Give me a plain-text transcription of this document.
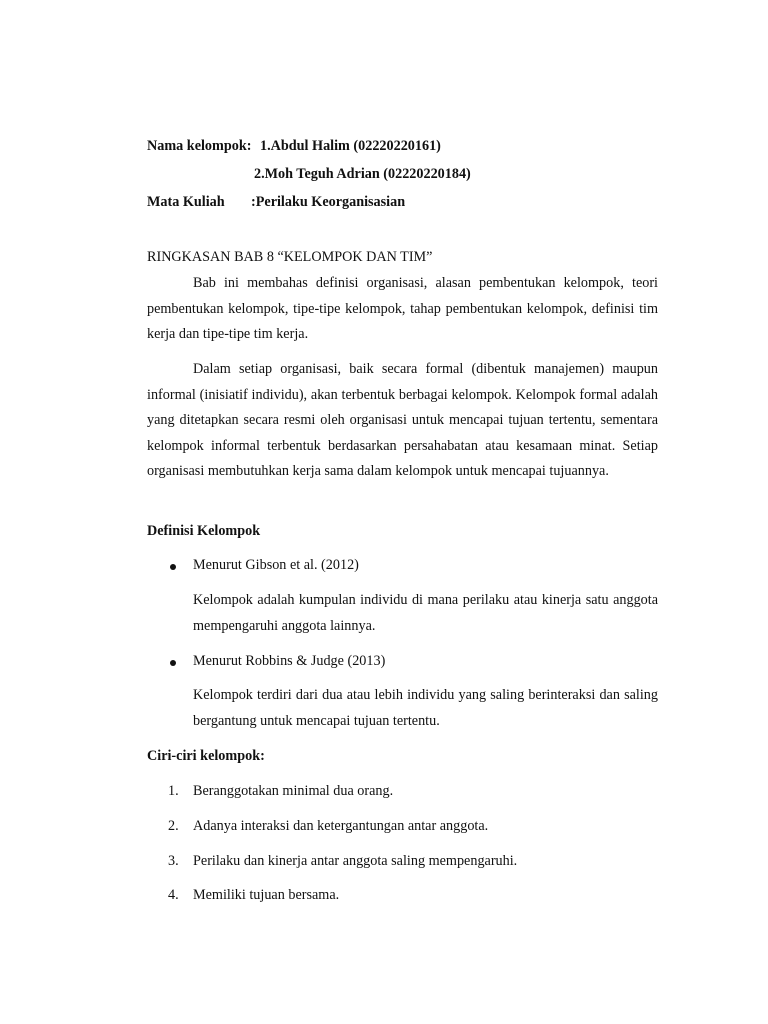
Nama kelompok: 1.Abdul Halim (02220220161)
2.Moh Teguh Adrian (02220220184)
Mata Kuliah :Perilaku Keorganisasian
RINGKASAN BAB 8 “KELOMPOK DAN TIM”
Bab ini membahas definisi organisasi, alasan pembentukan kelompok, teori pembentukan kelompok, tipe-tipe kelompok, tahap pembentukan kelompok, definisi tim kerja dan tipe-tipe tim kerja.
Dalam setiap organisasi, baik secara formal (dibentuk manajemen) maupun informal (inisiatif individu), akan terbentuk berbagai kelompok. Kelompok formal adalah yang ditetapkan secara resmi oleh organisasi untuk mencapai tujuan tertentu, sementara kelompok informal terbentuk berdasarkan persahabatan atau kesamaan minat. Setiap organisasi membutuhkan kerja sama dalam kelompok untuk mencapai tujuannya.
Definisi Kelompok
Menurut Gibson et al. (2012)
Kelompok adalah kumpulan individu di mana perilaku atau kinerja satu anggota mempengaruhi anggota lainnya.
Menurut Robbins & Judge (2013)
Kelompok terdiri dari dua atau lebih individu yang saling berinteraksi dan saling bergantung untuk mencapai tujuan tertentu.
Ciri-ciri kelompok:
1. Beranggotakan minimal dua orang.
2. Adanya interaksi dan ketergantungan antar anggota.
3. Perilaku dan kinerja antar anggota saling mempengaruhi.
4. Memiliki tujuan bersama.
